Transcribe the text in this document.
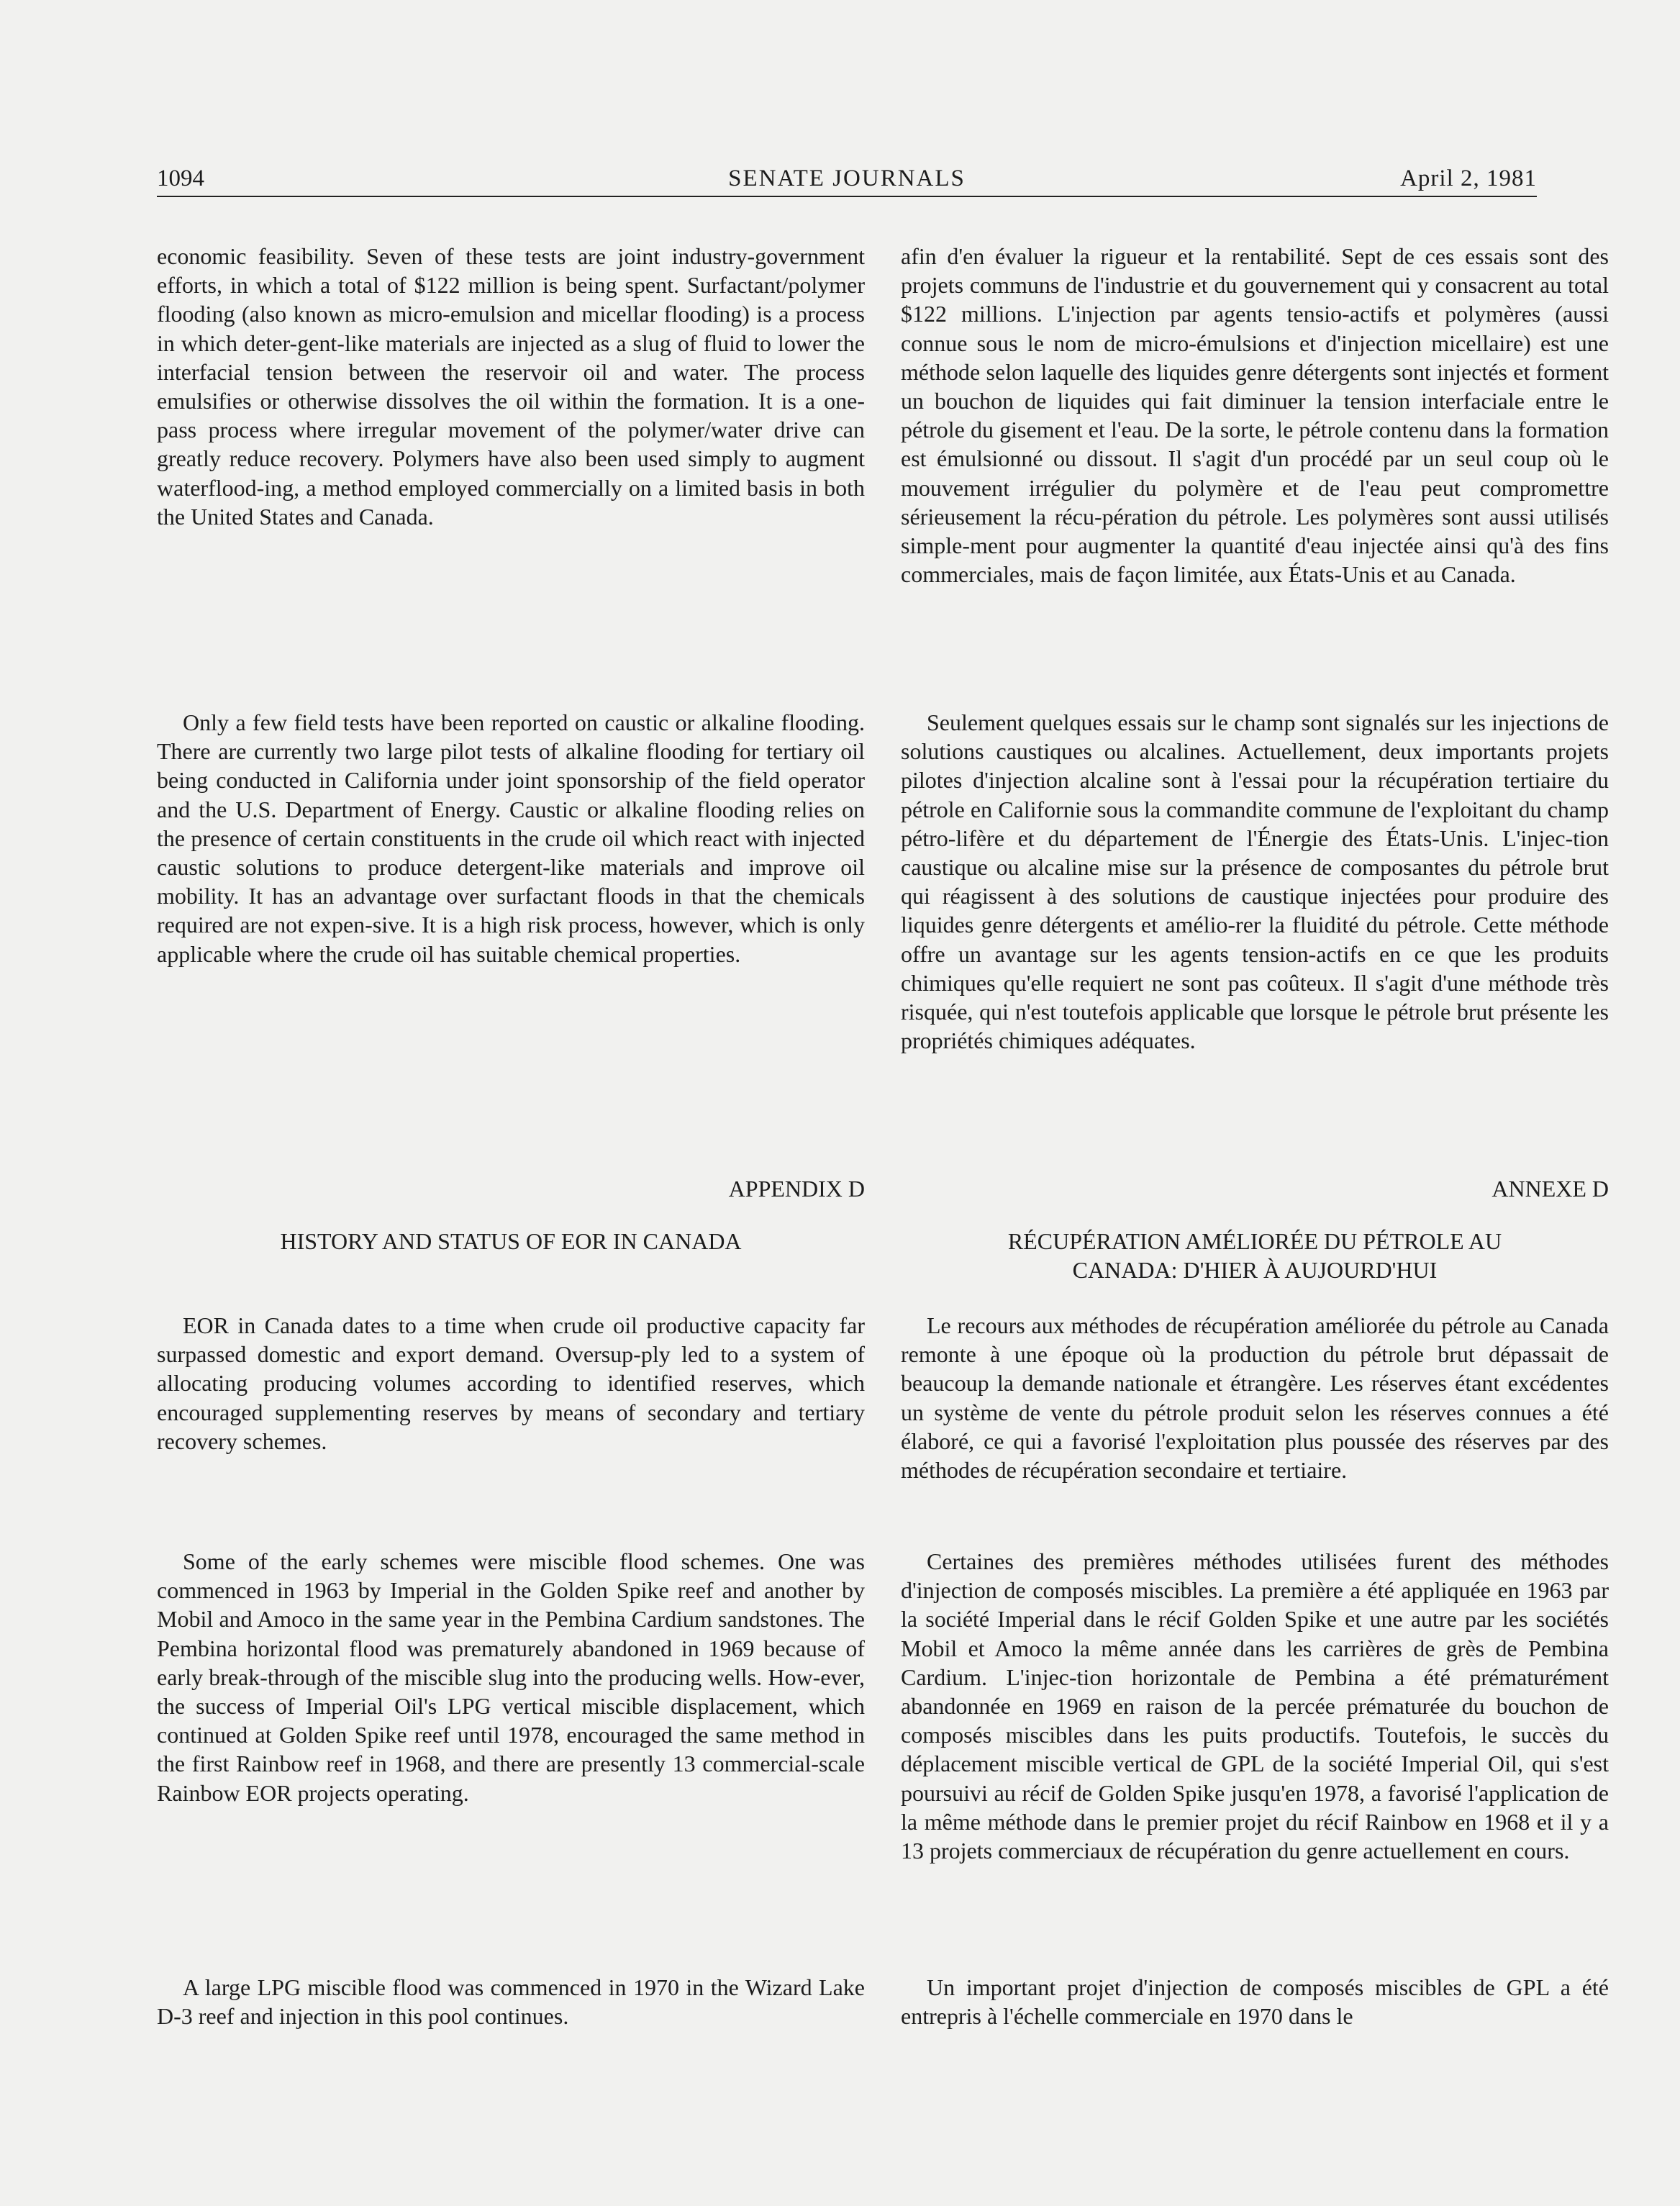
1094	SENATE JOURNALS	April 2, 1981

economic feasibility. Seven of these tests are joint industry-government efforts, in which a total of $122 million is being spent. Surfactant/polymer flooding (also known as micro-emulsion and micellar flooding) is a process in which deter-gent-like materials are injected as a slug of fluid to lower the interfacial tension between the reservoir oil and water. The process emulsifies or otherwise dissolves the oil within the formation. It is a one-pass process where irregular movement of the polymer/water drive can greatly reduce recovery. Polymers have also been used simply to augment waterflood-ing, a method employed commercially on a limited basis in both the United States and Canada.

Only a few field tests have been reported on caustic or alkaline flooding. There are currently two large pilot tests of alkaline flooding for tertiary oil being conducted in California under joint sponsorship of the field operator and the U.S. Department of Energy. Caustic or alkaline flooding relies on the presence of certain constituents in the crude oil which react with injected caustic solutions to produce detergent-like materials and improve oil mobility. It has an advantage over surfactant floods in that the chemicals required are not expen-sive. It is a high risk process, however, which is only applicable where the crude oil has suitable chemical properties.

APPENDIX D
HISTORY AND STATUS OF EOR IN CANADA

EOR in Canada dates to a time when crude oil productive capacity far surpassed domestic and export demand. Oversup-ply led to a system of allocating producing volumes according to identified reserves, which encouraged supplementing reserves by means of secondary and tertiary recovery schemes.

Some of the early schemes were miscible flood schemes. One was commenced in 1963 by Imperial in the Golden Spike reef and another by Mobil and Amoco in the same year in the Pembina Cardium sandstones. The Pembina horizontal flood was prematurely abandoned in 1969 because of early break-through of the miscible slug into the producing wells. How-ever, the success of Imperial Oil's LPG vertical miscible displacement, which continued at Golden Spike reef until 1978, encouraged the same method in the first Rainbow reef in 1968, and there are presently 13 commercial-scale Rainbow EOR projects operating.

A large LPG miscible flood was commenced in 1970 in the Wizard Lake D-3 reef and injection in this pool continues.

afin d'en évaluer la rigueur et la rentabilité. Sept de ces essais sont des projets communs de l'industrie et du gouvernement qui y consacrent au total $122 millions. L'injection par agents tensio-actifs et polymères (aussi connue sous le nom de micro-émulsions et d'injection micellaire) est une méthode selon laquelle des liquides genre détergents sont injectés et forment un bouchon de liquides qui fait diminuer la tension interfaciale entre le pétrole du gisement et l'eau. De la sorte, le pétrole contenu dans la formation est émulsionné ou dissout. Il s'agit d'un procédé par un seul coup où le mouvement irrégulier du polymère et de l'eau peut compromettre sérieusement la récu-pération du pétrole. Les polymères sont aussi utilisés simple-ment pour augmenter la quantité d'eau injectée ainsi qu'à des fins commerciales, mais de façon limitée, aux États-Unis et au Canada.

Seulement quelques essais sur le champ sont signalés sur les injections de solutions caustiques ou alcalines. Actuellement, deux importants projets pilotes d'injection alcaline sont à l'essai pour la récupération tertiaire du pétrole en Californie sous la commandite commune de l'exploitant du champ pétro-lifère et du département de l'Énergie des États-Unis. L'injec-tion caustique ou alcaline mise sur la présence de composantes du pétrole brut qui réagissent à des solutions de caustique injectées pour produire des liquides genre détergents et amélio-rer la fluidité du pétrole. Cette méthode offre un avantage sur les agents tension-actifs en ce que les produits chimiques qu'elle requiert ne sont pas coûteux. Il s'agit d'une méthode très risquée, qui n'est toutefois applicable que lorsque le pétrole brut présente les propriétés chimiques adéquates.

ANNEXE D
RÉCUPÉRATION AMÉLIORÉE DU PÉTROLE AU
CANADA: D'HIER À AUJOURD'HUI

Le recours aux méthodes de récupération améliorée du pétrole au Canada remonte à une époque où la production du pétrole brut dépassait de beaucoup la demande nationale et étrangère. Les réserves étant excédentes un système de vente du pétrole produit selon les réserves connues a été élaboré, ce qui a favorisé l'exploitation plus poussée des réserves par des méthodes de récupération secondaire et tertiaire.

Certaines des premières méthodes utilisées furent des méthodes d'injection de composés miscibles. La première a été appliquée en 1963 par la société Imperial dans le récif Golden Spike et une autre par les sociétés Mobil et Amoco la même année dans les carrières de grès de Pembina Cardium. L'injec-tion horizontale de Pembina a été prématurément abandonnée en 1969 en raison de la percée prématurée du bouchon de composés miscibles dans les puits productifs. Toutefois, le succès du déplacement miscible vertical de GPL de la société Imperial Oil, qui s'est poursuivi au récif de Golden Spike jusqu'en 1978, a favorisé l'application de la même méthode dans le premier projet du récif Rainbow en 1968 et il y a 13 projets commerciaux de récupération du genre actuellement en cours.

Un important projet d'injection de composés miscibles de GPL a été entrepris à l'échelle commerciale en 1970 dans le
